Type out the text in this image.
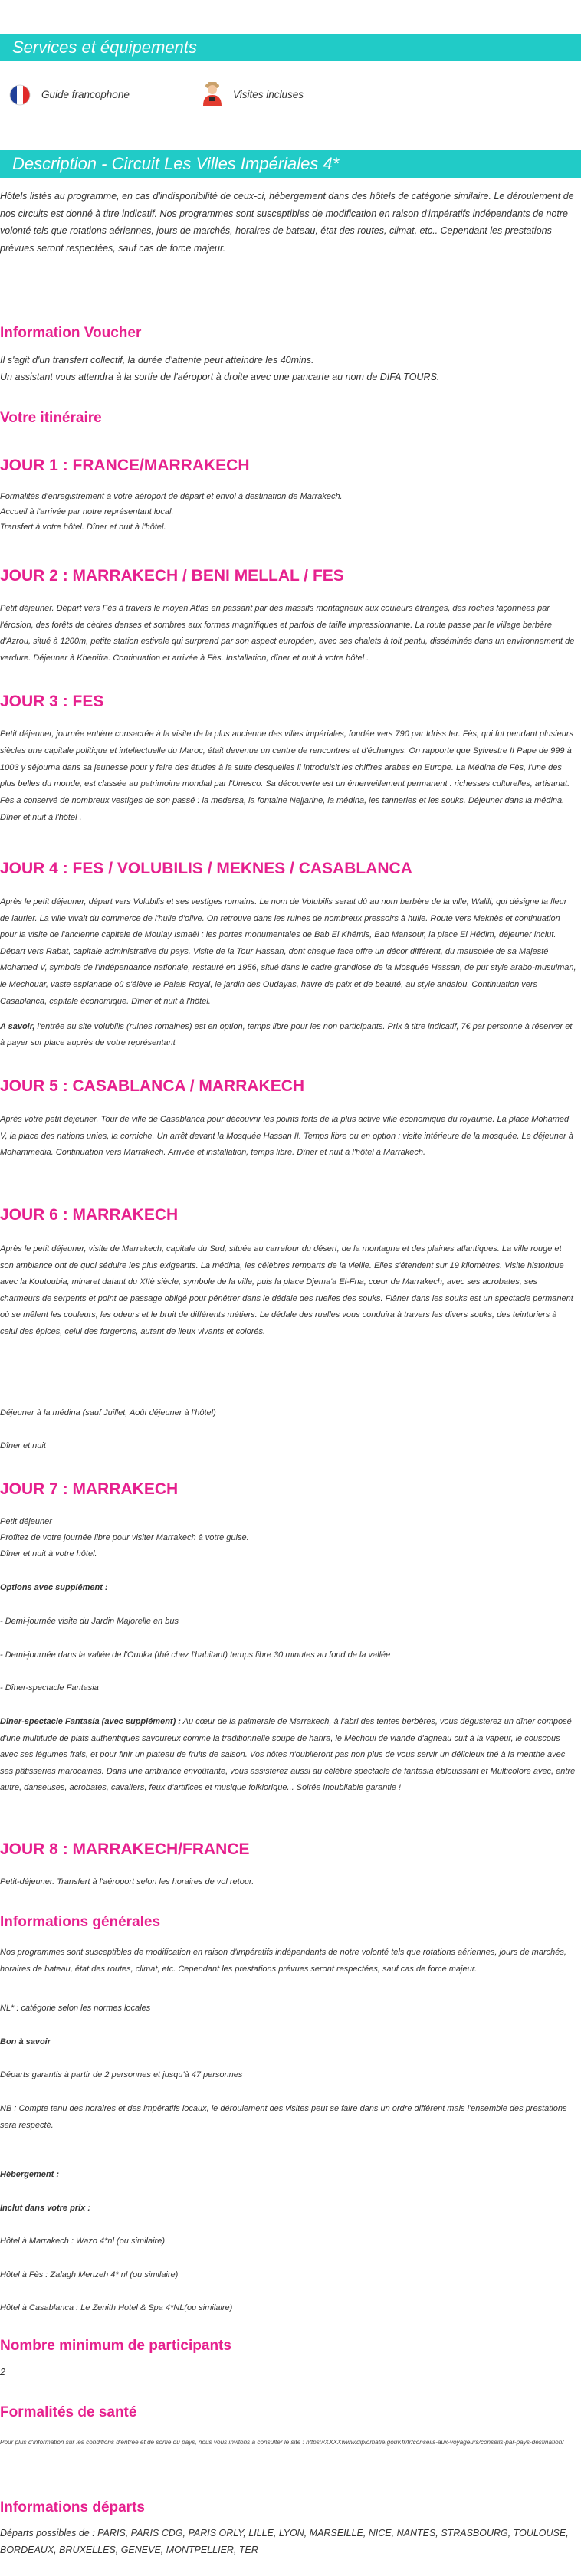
Services et équipements
Guide francophone	Visites incluses
Description - Circuit Les Villes Impériales 4*
Hôtels listés au programme, en cas d'indisponibilité de ceux-ci, hébergement dans des hôtels de catégorie similaire. Le déroulement de nos circuits est donné à titre indicatif. Nos programmes sont susceptibles de modification en raison d'impératifs indépendants de notre volonté tels que rotations aériennes, jours de marchés, horaires de bateau, état des routes, climat, etc.. Cependant les prestations prévues seront respectées, sauf cas de force majeur.
Information Voucher
Il s'agit d'un transfert collectif, la durée d'attente peut atteindre les 40mins.
Un assistant vous attendra à la sortie de l'aéroport à droite avec une pancarte au nom de DIFA TOURS.
Votre itinéraire
JOUR 1 : FRANCE/MARRAKECH
Formalités d'enregistrement à votre aéroport de départ et envol à destination de Marrakech.
Accueil à l'arrivée par notre représentant local.
Transfert à votre hôtel. Dîner et nuit à l'hôtel.
JOUR 2 : MARRAKECH / BENI MELLAL / FES
Petit déjeuner. Départ vers Fès à travers le moyen Atlas en passant par des massifs montagneux aux couleurs étranges, des roches façonnées par l'érosion, des forêts de cèdres denses et sombres aux formes magnifiques et parfois de taille impressionnante. La route passe par le village berbère d'Azrou, situé à 1200m, petite station estivale qui surprend par son aspect européen, avec ses chalets à toit pentu, disséminés dans un environnement de verdure. Déjeuner à Khenifra. Continuation et arrivée à Fès. Installation, dîner et nuit à votre hôtel .
JOUR 3 : FES
Petit déjeuner, journée entière consacrée à la visite de la plus ancienne des villes impériales, fondée vers 790 par Idriss Ier. Fès, qui fut pendant plusieurs siècles une capitale politique et intellectuelle du Maroc, était devenue un centre de rencontres et d'échanges. On rapporte que Sylvestre II Pape de 999 à 1003 y séjourna dans sa jeunesse pour y faire des études à la suite desquelles il introduisit les chiffres arabes en Europe. La Médina de Fès, l'une des plus belles du monde, est classée au patrimoine mondial par l'Unesco. Sa découverte est un émerveillement permanent : richesses culturelles, artisanat. Fès a conservé de nombreux vestiges de son passé : la medersa, la fontaine Nejjarine, la médina, les tanneries et les souks. Déjeuner dans la médina. Dîner et nuit à l'hôtel .
JOUR 4 : FES / VOLUBILIS / MEKNES / CASABLANCA
Après le petit déjeuner, départ vers Volubilis et ses vestiges romains. Le nom de Volubilis serait dû au nom berbère de la ville, Walili, qui désigne la fleur de laurier. La ville vivait du commerce de l'huile d'olive. On retrouve dans les ruines de nombreux pressoirs à huile. Route vers Meknès et continuation pour la visite de l'ancienne capitale de Moulay Ismaël : les portes monumentales de Bab El Khémis, Bab Mansour, la place El Hédim, déjeuner inclut. Départ vers Rabat, capitale administrative du pays. Visite de la Tour Hassan, dont chaque face offre un décor différent, du mausolée de sa Majesté Mohamed V, symbole de l'indépendance nationale, restauré en 1956, situé dans le cadre grandiose de la Mosquée Hassan, de pur style arabo-musulman, le Mechouar, vaste esplanade où s'élève le Palais Royal, le jardin des Oudayas, havre de paix et de beauté, au style andalou. Continuation vers Casablanca, capitale économique. Dîner et nuit à l'hôtel.
A savoir, l'entrée au site volubilis (ruines romaines) est en option, temps libre pour les non participants. Prix à titre indicatif, 7€ par personne à réserver et à payer sur place auprès de votre représentant
JOUR 5 : CASABLANCA / MARRAKECH
Après votre petit déjeuner. Tour de ville de Casablanca pour découvrir les points forts de la plus active ville économique du royaume. La place Mohamed V, la place des nations unies, la corniche. Un arrêt devant la Mosquée Hassan II. Temps libre ou en option : visite intérieure de la mosquée. Le déjeuner à Mohammedia. Continuation vers Marrakech. Arrivée et installation, temps libre. Dîner et nuit à l'hôtel à Marrakech.
JOUR 6 : MARRAKECH
Après le petit déjeuner, visite de Marrakech, capitale du Sud, située au carrefour du désert, de la montagne et des plaines atlantiques. La ville rouge et son ambiance ont de quoi séduire les plus exigeants. La médina, les célèbres remparts de la vieille. Elles s'étendent sur 19 kilomètres. Visite historique avec la Koutoubia, minaret datant du XIIè siècle, symbole de la ville, puis la place Djema'a El-Fna, cœur de Marrakech, avec ses acrobates, ses charmeurs de serpents et point de passage obligé pour pénétrer dans le dédale des ruelles des souks. Flâner dans les souks est un spectacle permanent où se mêlent les couleurs, les odeurs et le bruit de différents métiers. Le dédale des ruelles vous conduira à travers les divers souks, des teinturiers à celui des épices, celui des forgerons, autant de lieux vivants et colorés.
Déjeuner à la médina (sauf Juillet, Août déjeuner à l'hôtel)
Dîner et nuit
JOUR 7 : MARRAKECH
Petit déjeuner
Profitez de votre journée libre pour visiter Marrakech à votre guise.
Dîner et nuit à votre hôtel.
Options avec supplément :
- Demi-journée visite du Jardin Majorelle en bus
- Demi-journée dans la vallée de l'Ourika (thé chez l'habitant) temps libre 30 minutes au fond de la vallée
- Dîner-spectacle Fantasia
Dîner-spectacle Fantasia (avec supplément) : Au cœur de la palmeraie de Marrakech, à l'abri des tentes berbères, vous dégusterez un dîner composé d'une multitude de plats authentiques savoureux comme la traditionnelle soupe de harira, le Méchoui de viande d'agneau cuit à la vapeur, le couscous avec ses légumes frais, et pour finir un plateau de fruits de saison. Vos hôtes n'oublieront pas non plus de vous servir un délicieux thé à la menthe avec ses pâtisseries marocaines. Dans une ambiance envoûtante, vous assisterez aussi au célèbre spectacle de fantasia éblouissant et Multicolore avec, entre autre, danseuses, acrobates, cavaliers, feux d'artifices et musique folklorique... Soirée inoubliable garantie !
JOUR 8 : MARRAKECH/FRANCE
Petit-déjeuner. Transfert à l'aéroport selon les horaires de vol retour.
Informations générales
Nos programmes sont susceptibles de modification en raison d'impératifs indépendants de notre volonté tels que rotations aériennes, jours de marchés, horaires de bateau, état des routes, climat, etc. Cependant les prestations prévues seront respectées, sauf cas de force majeur.
NL* : catégorie selon les normes locales
Bon à savoir
Départs garantis à partir de 2 personnes et jusqu'à 47 personnes
NB : Compte tenu des horaires et des impératifs locaux, le déroulement des visites peut se faire dans un ordre différent mais l'ensemble des prestations sera respecté.
Hébergement :
Inclut dans votre prix :
Hôtel à Marrakech : Wazo 4*nl (ou similaire)
Hôtel à Fès : Zalagh Menzeh 4* nl (ou similaire)
Hôtel à Casablanca : Le Zenith Hotel & Spa 4*NL(ou similaire)
Nombre minimum de participants
2
Formalités de santé
Pour plus d'information sur les conditions d'entrée et de sortie du pays, nous vous invitons à consulter le site : https://XXXXwww.diplomatie.gouv.fr/fr/conseils-aux-voyageurs/conseils-par-pays-destination/
Informations départs
Départs possibles de : PARIS, PARIS CDG, PARIS ORLY, LILLE, LYON, MARSEILLE, NICE, NANTES, STRASBOURG, TOULOUSE, BORDEAUX, BRUXELLES, GENEVE, MONTPELLIER, TER
